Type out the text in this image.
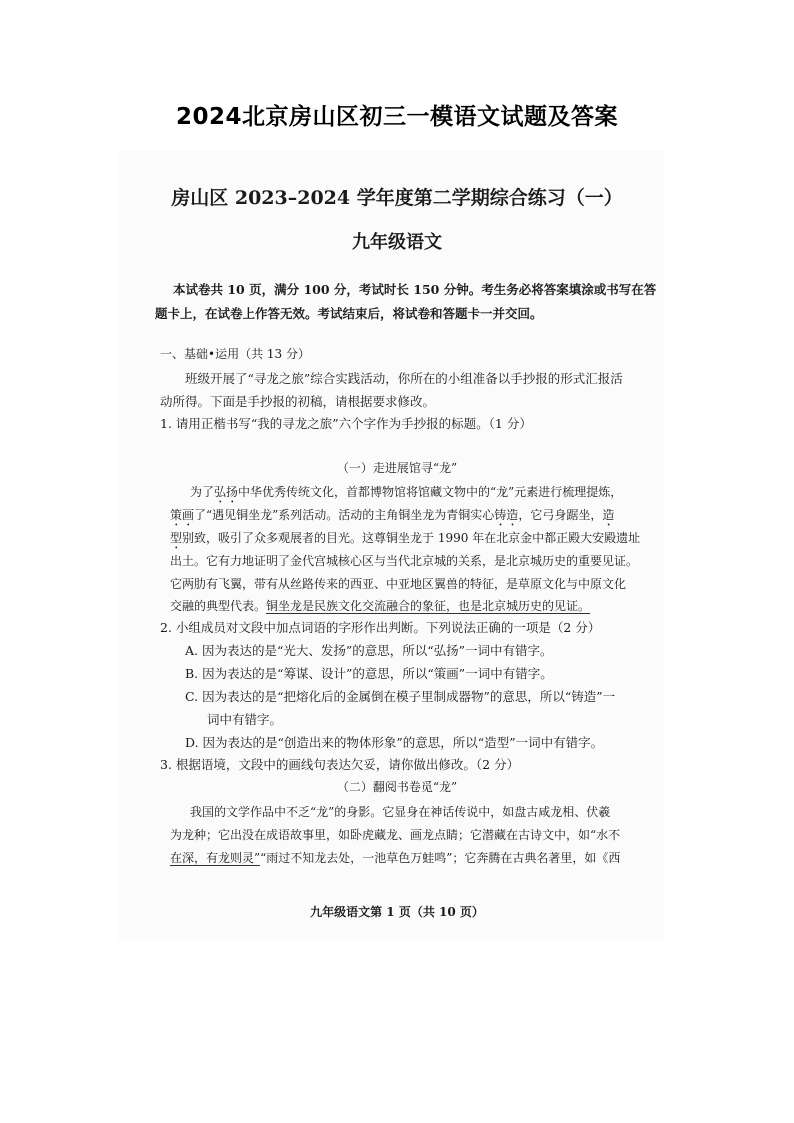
2024北京房山区初三一模语文试题及答案
房山区 2023–2024 学年度第二学期综合练习（一）
九年级语文
本试卷共 10 页，满分 100 分，考试时长 150 分钟。考生务必将答案填涂或书写在答
题卡上，在试卷上作答无效。考试结束后，将试卷和答题卡一并交回。
一、基础•运用（共 13 分）
班级开展了“寻龙之旅”综合实践活动，你所在的小组准备以手抄报的形式汇报活
动所得。下面是手抄报的初稿，请根据要求修改。
1. 请用正楷书写“我的寻龙之旅”六个字作为手抄报的标题。（1 分）
（一）走进展馆寻“龙”
为了弘扬中华优秀传统文化，首都博物馆将馆藏文物中的“龙”元素进行梳理提炼，
策画了“遇见铜坐龙”系列活动。活动的主角铜坐龙为青铜实心铸造，它弓身踞坐，造
型别致，吸引了众多观展者的目光。这尊铜坐龙于 1990 年在北京金中都正殿大安殿遗址
出土。它有力地证明了金代宫城核心区与当代北京城的关系，是北京城历史的重要见证。
它两肋有飞翼，带有从丝路传来的西亚、中亚地区翼兽的特征，是草原文化与中原文化
交融的典型代表。铜坐龙是民族文化交流融合的象征，也是北京城历史的见证。
2. 小组成员对文段中加点词语的字形作出判断。下列说法正确的一项是（2 分）
A. 因为表达的是“光大、发扬”的意思，所以“弘扬”一词中有错字。
B. 因为表达的是“筹谋、设计”的意思，所以“策画”一词中有错字。
C. 因为表达的是“把熔化后的金属倒在模子里制成器物”的意思，所以“铸造”一
词中有错字。
D. 因为表达的是“创造出来的物体形象”的意思，所以“造型”一词中有错字。
3. 根据语境，文段中的画线句表达欠妥，请你做出修改。（2 分）
（二）翻阅书卷觅“龙”
我国的文学作品中不乏“龙”的身影。它显身在神话传说中，如盘古咸龙相、伏羲
为龙种；它出没在成语故事里，如卧虎藏龙、画龙点睛；它潜藏在古诗文中，如“水不
在深，有龙则灵”“雨过不知龙去处，一池草色万蛙鸣”；它奔腾在古典名著里，如《西
九年级语文第 1 页（共 10 页）
